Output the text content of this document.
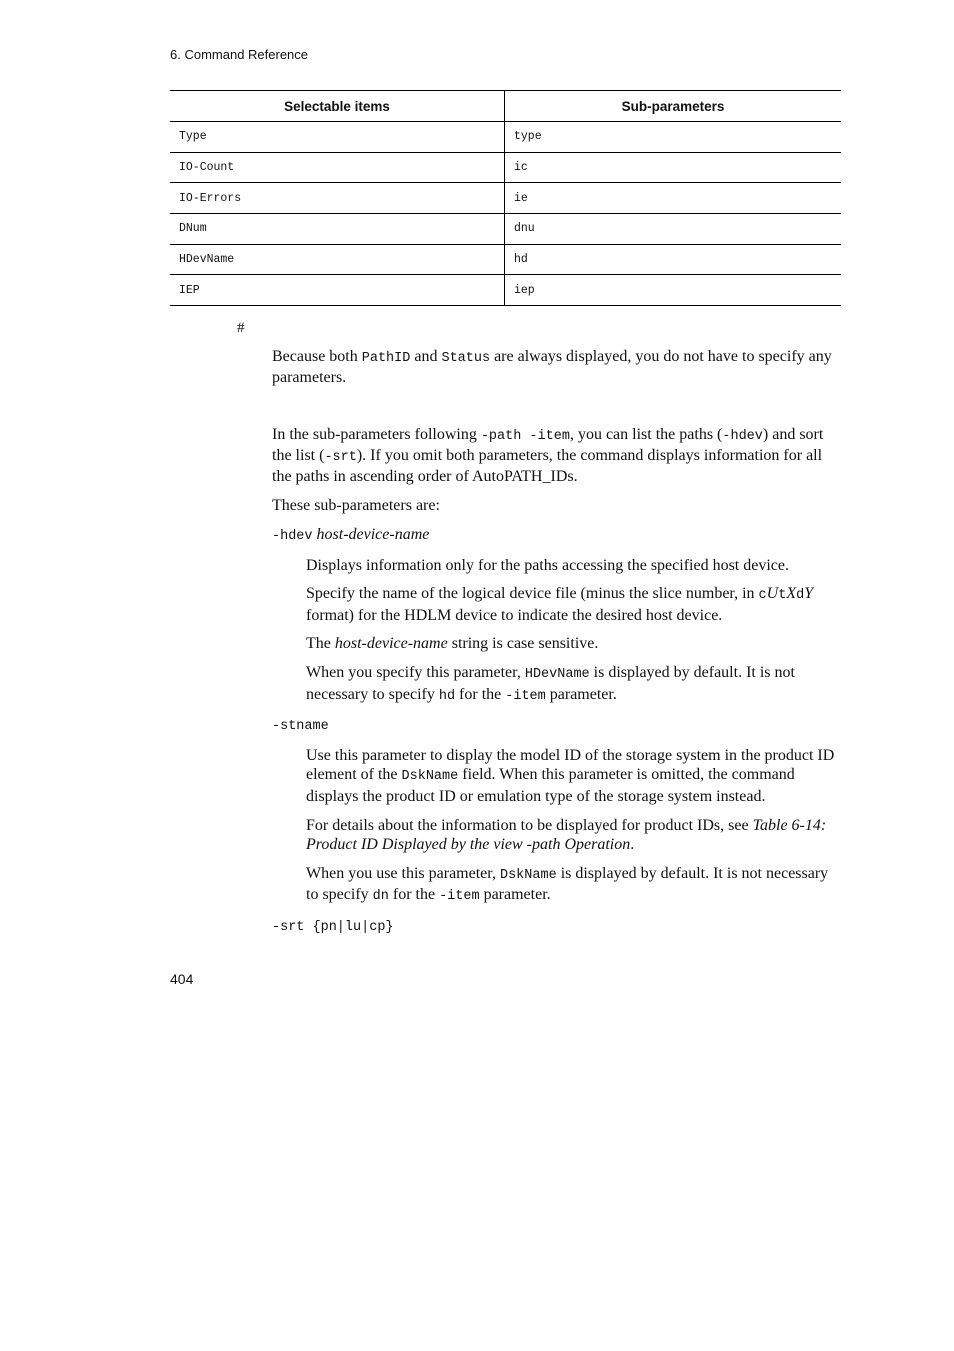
6. Command Reference
Selectable items	Sub-parameters
Type	type
IO-Count	ic
IO-Errors	ie
DNum	dnu
HDevName	hd
IEP	iep
#

Because both PathID and Status are always displayed, you do not have to specify any parameters.

In the sub-parameters following -path -item, you can list the paths (-hdev) and sort the list (-srt). If you omit both parameters, the command displays information for all the paths in ascending order of AutoPATH_IDs.

These sub-parameters are:

-hdev host-device-name

Displays information only for the paths accessing the specified host device.

Specify the name of the logical device file (minus the slice number, in cUtXdY format) for the HDLM device to indicate the desired host device.

The host-device-name string is case sensitive.

When you specify this parameter, HDevName is displayed by default. It is not necessary to specify hd for the -item parameter.

-stname

Use this parameter to display the model ID of the storage system in the product ID element of the DskName field. When this parameter is omitted, the command displays the product ID or emulation type of the storage system instead.

For details about the information to be displayed for product IDs, see Table 6-14: Product ID Displayed by the view -path Operation.

When you use this parameter, DskName is displayed by default. It is not necessary to specify dn for the -item parameter.

-srt {pn|lu|cp}

404
